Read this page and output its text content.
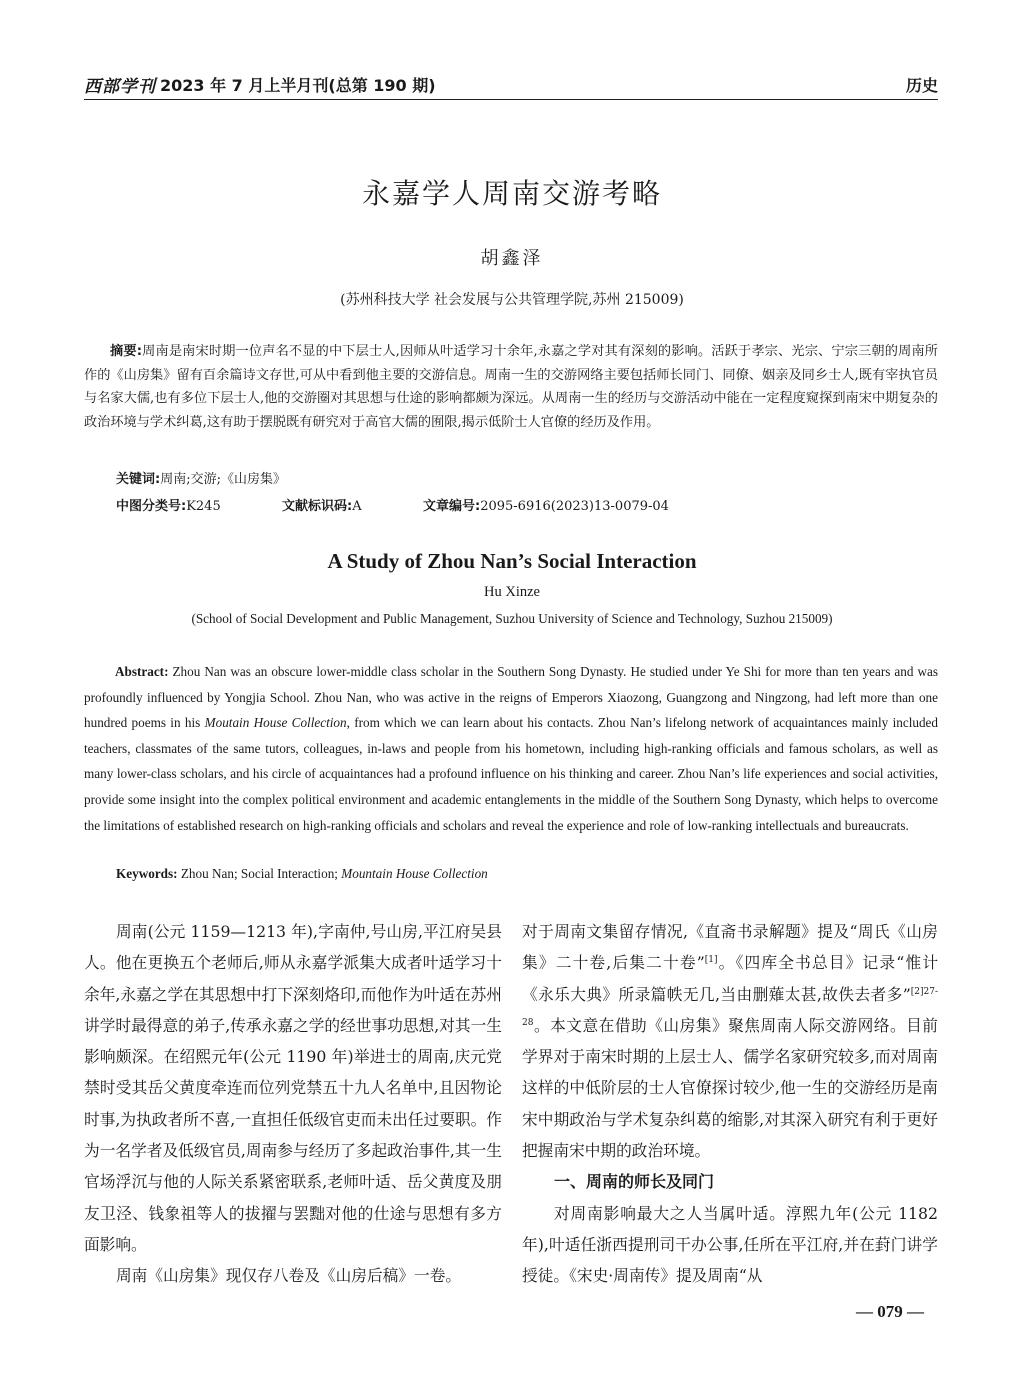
西部学刊 2023 年 7 月上半月刊(总第 190 期)	历史
永嘉学人周南交游考略
胡鑫泽
(苏州科技大学 社会发展与公共管理学院,苏州 215009)
摘要:周南是南宋时期一位声名不显的中下层士人,因师从叶适学习十余年,永嘉之学对其有深刻的影响。活跃于孝宗、光宗、宁宗三朝的周南所作的《山房集》留有百余篇诗文存世,可从中看到他主要的交游信息。周南一生的交游网络主要包括师长同门、同僚、姻亲及同乡士人,既有宰执官员与名家大儒,也有多位下层士人,他的交游圈对其思想与仕途的影响都颇为深远。从周南一生的经历与交游活动中能在一定程度窥探到南宋中期复杂的政治环境与学术纠葛,这有助于摆脱既有研究对于高官大儒的囿限,揭示低阶士人官僚的经历及作用。
关键词:周南;交游;《山房集》
中图分类号:K245	文献标识码:A	文章编号:2095-6916(2023)13-0079-04
A Study of Zhou Nan’s Social Interaction
Hu Xinze
(School of Social Development and Public Management, Suzhou University of Science and Technology, Suzhou 215009)
Abstract: Zhou Nan was an obscure lower-middle class scholar in the Southern Song Dynasty. He studied under Ye Shi for more than ten years and was profoundly influenced by Yongjia School. Zhou Nan, who was active in the reigns of Emperors Xiaozong, Guangzong and Ningzong, had left more than one hundred poems in his Moutain House Collection, from which we can learn about his contacts. Zhou Nan’s lifelong network of acquaintances mainly included teachers, classmates of the same tutors, colleagues, in-laws and people from his hometown, including high-ranking officials and famous scholars, as well as many lower-class scholars, and his circle of acquaintances had a profound influence on his thinking and career. Zhou Nan’s life experiences and social activities, provide some insight into the complex political environment and academic entanglements in the middle of the Southern Song Dynasty, which helps to overcome the limitations of established research on high-ranking officials and scholars and reveal the experience and role of low-ranking intellectuals and bureaucrats.
Keywords: Zhou Nan; Social Interaction; Mountain House Collection

周南(公元 1159—1213 年),字南仲,号山房,平江府吴县人。他在更换五个老师后,师从永嘉学派集大成者叶适学习十余年,永嘉之学在其思想中打下深刻烙印,而他作为叶适在苏州讲学时最得意的弟子,传承永嘉之学的经世事功思想,对其一生影响颇深。在绍熙元年(公元 1190 年)举进士的周南,庆元党禁时受其岳父黄度牵连而位列党禁五十九人名单中,且因物论时事,为执政者所不喜,一直担任低级官吏而未出任过要职。作为一名学者及低级官员,周南参与经历了多起政治事件,其一生官场浮沉与他的人际关系紧密联系,老师叶适、岳父黄度及朋友卫泾、钱象祖等人的拔擢与罢黜对他的仕途与思想有多方面影响。

周南《山房集》现仅存八卷及《山房后稿》一卷。

对于周南文集留存情况,《直斋书录解题》提及“周氏《山房集》二十卷,后集二十卷”[1]。《四库全书总目》记录“惟计《永乐大典》所录篇帙无几,当由删薙太甚,故佚去者多”$^{[2]27-28}$。本文意在借助《山房集》聚焦周南人际交游网络。目前学界对于南宋时期的上层士人、儒学名家研究较多,而对周南这样的中低阶层的士人官僚探讨较少,他一生的交游经历是南宋中期政治与学术复杂纠葛的缩影,对其深入研究有利于更好把握南宋中期的政治环境。

一、周南的师长及同门

对周南影响最大之人当属叶适。淳熙九年(公元 1182 年),叶适任浙西提刑司干办公事,任所在平江府,并在葑门讲学授徒。《宋史·周南传》提及周南“从

— 079 —
